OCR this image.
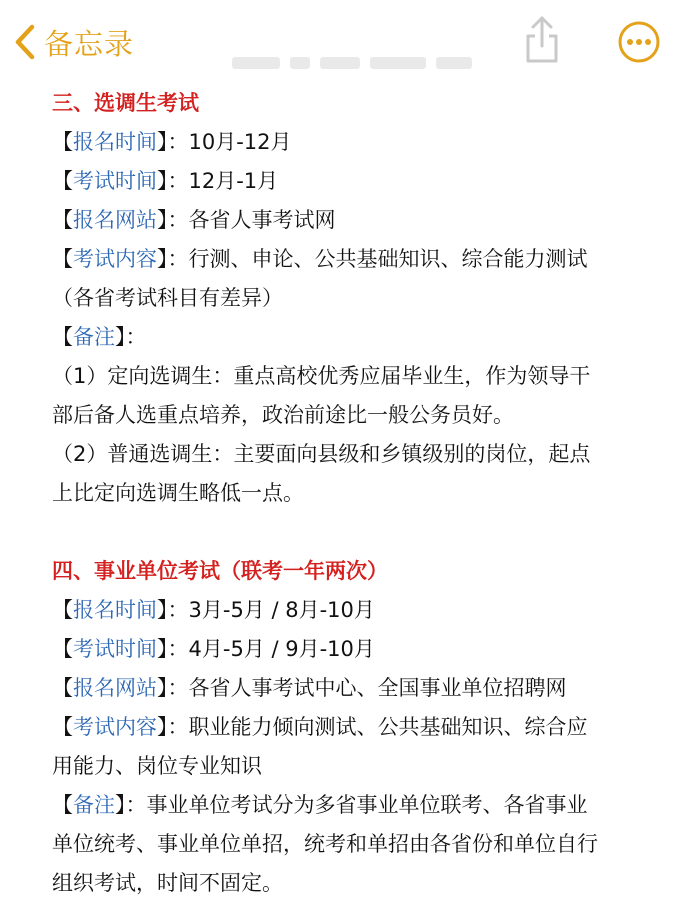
备忘录

三、选调生考试

【报名时间】：10月-12月

【考试时间】：12月-1月

【报名网站】：各省人事考试网

【考试内容】：行测、申论、公共基础知识、综合能力测试

（各省考试科目有差异）

【备注】：

（1）定向选调生：重点高校优秀应届毕业生，作为领导干

部后备人选重点培养，政治前途比一般公务员好。

（2）普通选调生：主要面向县级和乡镇级别的岗位，起点

上比定向选调生略低一点。

四、事业单位考试（联考一年两次）

【报名时间】：3月-5月 / 8月-10月

【考试时间】：4月-5月 / 9月-10月

【报名网站】：各省人事考试中心、全国事业单位招聘网

【考试内容】：职业能力倾向测试、公共基础知识、综合应

用能力、岗位专业知识

【备注】：事业单位考试分为多省事业单位联考、各省事业

单位统考、事业单位单招，统考和单招由各省份和单位自行

组织考试，时间不固定。
